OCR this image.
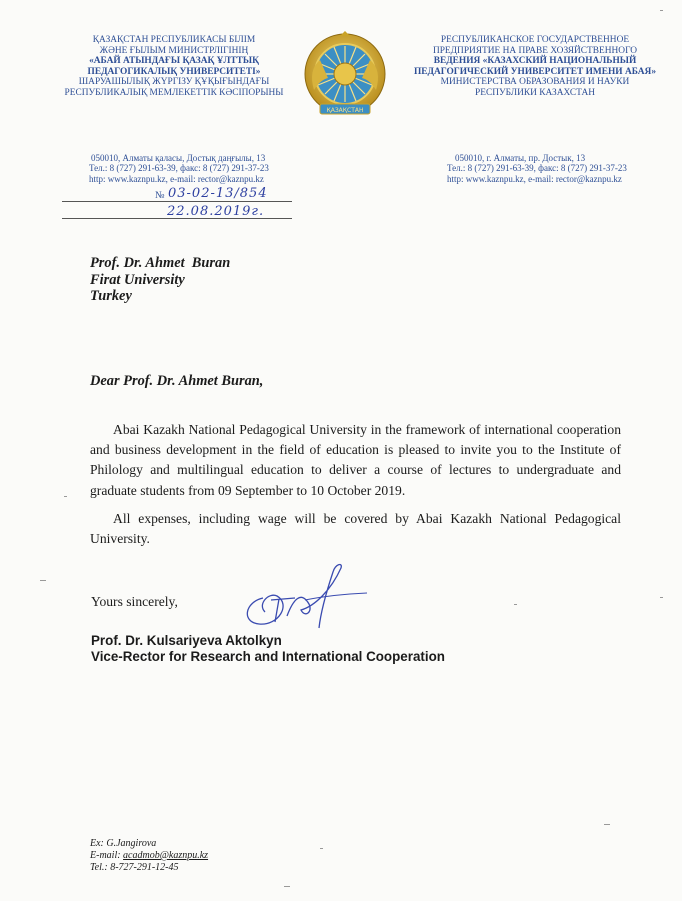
ҚАЗАҚСТАН РЕСПУБЛИКАСЫ БІЛІМ
ЖӘНЕ ҒЫЛЫМ МИНИСТРЛІГІНІҢ
«АБАЙ АТЫНДАҒЫ ҚАЗАҚ ҰЛТТЫҚ
ПЕДАГОГИКАЛЫҚ УНИВЕРСИТЕТІ»
ШАРУАШЫЛЫҚ ЖҮРГІЗУ ҚҰҚЫҒЫНДАҒЫ
РЕСПУБЛИКАЛЫҚ МЕМЛЕКЕТТІК КӘСІПОРЫНЫ
ҚАЗАҚСТАН
РЕСПУБЛИКАНСКОЕ ГОСУДАРСТВЕННОЕ
ПРЕДПРИЯТИЕ НА ПРАВЕ ХОЗЯЙСТВЕННОГО
ВЕДЕНИЯ «КАЗАХСКИЙ НАЦИОНАЛЬНЫЙ
ПЕДАГОГИЧЕСКИЙ УНИВЕРСИТЕТ ИМЕНИ АБАЯ»
МИНИСТЕРСТВА ОБРАЗОВАНИЯ И НАУКИ
РЕСПУБЛИКИ КАЗАХСТАН
050010, Алматы қаласы, Достық даңғылы, 13
Тел.: 8 (727) 291-63-39, факс: 8 (727) 291-37-23
http: www.kaznpu.kz, e-mail: rector@kaznpu.kz
050010, г. Алматы, пр. Достык, 13
Тел.: 8 (727) 291-63-39, факс: 8 (727) 291-37-23
http: www.kaznpu.kz, e-mail: rector@kaznpu.kz
№ 03-02-13/854
22.08.2019г.
Prof. Dr. Ahmet  Buran
Firat University
Turkey
Dear Prof. Dr. Ahmet Buran,
Abai Kazakh National Pedagogical University in the framework of international cooperation and business development in the field of education is pleased to invite you to the Institute of Philology and multilingual education to deliver a course of lectures to undergraduate and graduate students from 09 September to 10 October 2019.
All expenses, including wage will be covered by Abai Kazakh National Pedagogical University.
Yours sincerely,
Prof. Dr. Kulsariyeva Aktolkyn
Vice-Rector for Research and International Cooperation
Ex: G.Jangirova
E-mail: acadmob@kaznpu.kz
Tel.: 8-727-291-12-45
